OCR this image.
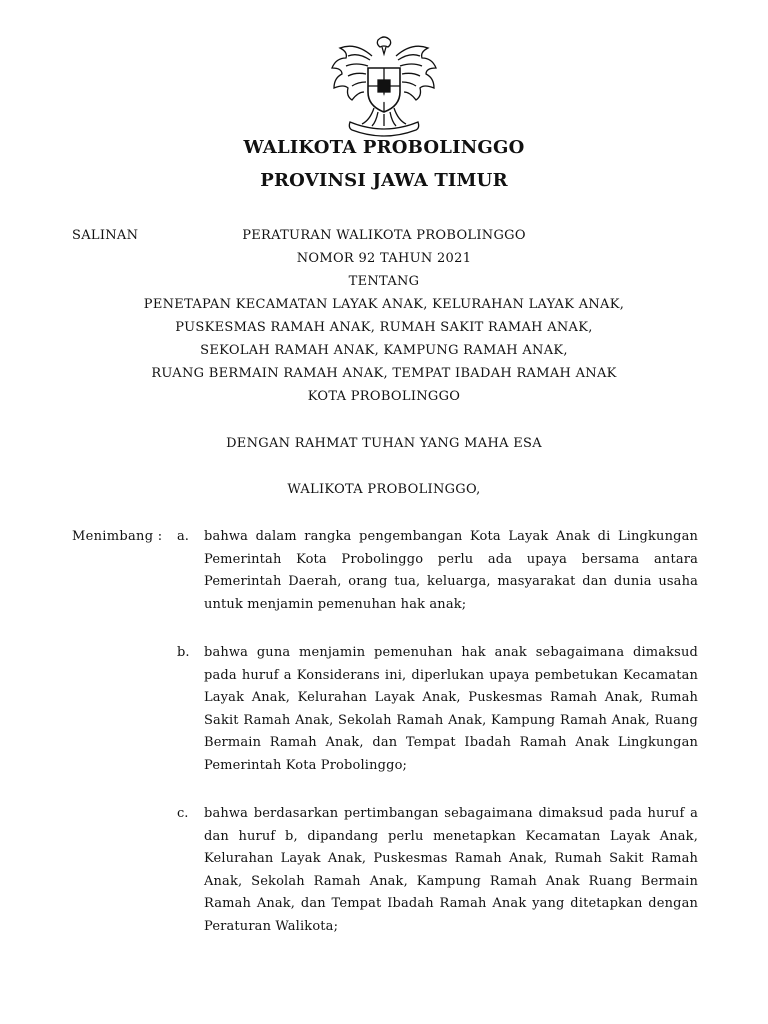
WALIKOTA PROBOLINGGO
PROVINSI JAWA TIMUR
SALINAN	PERATURAN WALIKOTA PROBOLINGGO
NOMOR 92 TAHUN 2021
TENTANG
PENETAPAN KECAMATAN LAYAK ANAK, KELURAHAN LAYAK ANAK,
PUSKESMAS RAMAH ANAK, RUMAH SAKIT RAMAH ANAK,
SEKOLAH RAMAH ANAK, KAMPUNG RAMAH ANAK,
RUANG BERMAIN RAMAH ANAK, TEMPAT IBADAH RAMAH ANAK
KOTA PROBOLINGGO
DENGAN RAHMAT TUHAN YANG MAHA ESA
WALIKOTA PROBOLINGGO,
Menimbang : a. bahwa dalam rangka pengembangan Kota Layak Anak di Lingkungan Pemerintah Kota Probolinggo perlu ada upaya bersama antara Pemerintah Daerah, orang tua, keluarga, masyarakat dan dunia usaha untuk menjamin pemenuhan hak anak;
b. bahwa guna menjamin pemenuhan hak anak sebagaimana dimaksud pada huruf a Konsiderans ini, diperlukan upaya pembetukan Kecamatan Layak Anak, Kelurahan Layak Anak, Puskesmas Ramah Anak, Rumah Sakit Ramah Anak, Sekolah Ramah Anak, Kampung Ramah Anak, Ruang Bermain Ramah Anak, dan Tempat Ibadah Ramah Anak Lingkungan Pemerintah Kota Probolinggo;
c. bahwa berdasarkan pertimbangan sebagaimana dimaksud pada huruf a dan huruf b, dipandang perlu menetapkan Kecamatan Layak Anak, Kelurahan Layak Anak, Puskesmas Ramah Anak, Rumah Sakit Ramah Anak, Sekolah Ramah Anak, Kampung Ramah Anak Ruang Bermain Ramah Anak, dan Tempat Ibadah Ramah Anak yang ditetapkan dengan Peraturan Walikota;
